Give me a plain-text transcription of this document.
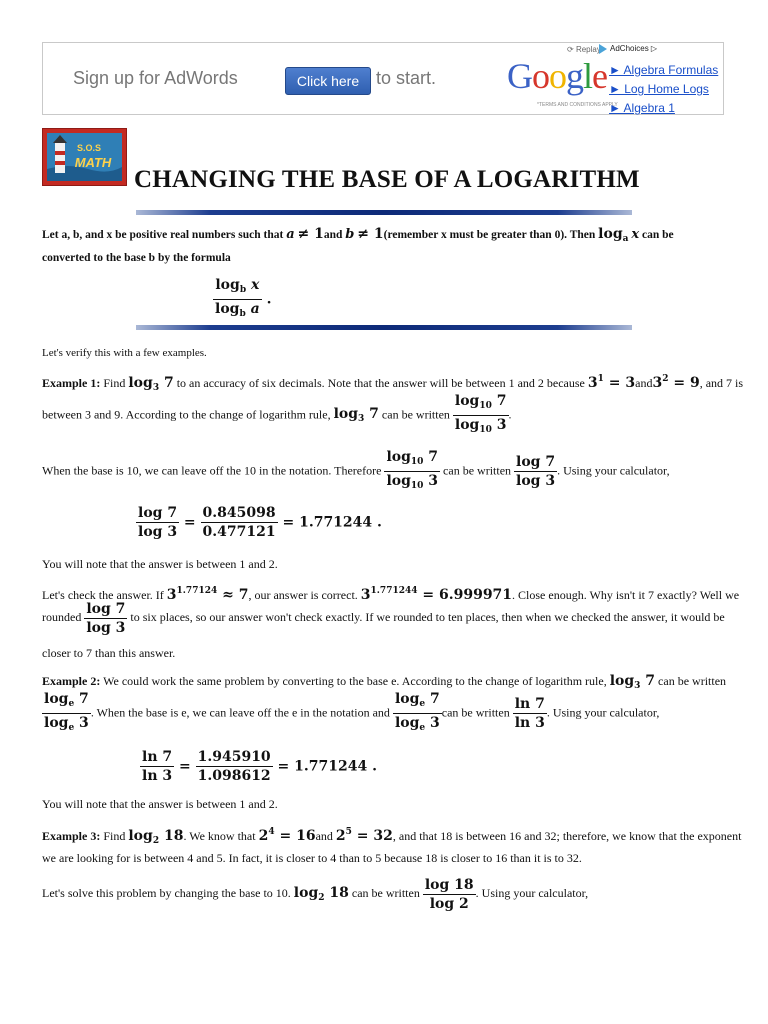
Sign up for AdWords	Click here to start. Google
*TERMS AND CONDITIONS APPLY
⟳ Replay	AdChoices ▷
► Algebra Formulas
► Log Home Logs
► Algebra 1
S.O.S
MATH
CHANGING THE BASE OF A LOGARITHM
Let a, b, and x be positive real numbers such that a ≠ 1and b ≠ 1(remember x must be greater than 0). Then $\log_a x$ can be
converted to the base b by the formula
$\frac{\log_b x}{\log_b a}$ .
Let's verify this with a few examples.
Example 1: Find $\log_3 7$ to an accuracy of six decimals. Note that the answer will be between 1 and 2 because $3^1 = 3and3^2 = 9$, and 7 is
between 3 and 9. According to the change of logarithm rule, $\log_3 7$ can be written $\frac{\log_{10} 7}{\log_{10} 3}$ .
When the base is 10, we can leave off the 10 in the notation. Therefore $\frac{\log_{10} 7}{\log_{10} 3}$ can be written $\frac{\log 7}{\log 3}$ . Using your calculator,
$\frac{\log 7}{\log 3} = \frac{0.845098}{0.477121} = 1.771244$ .
You will note that the answer is between 1 and 2.
Let's check the answer. If $3^{1.77124} \approx 7$, our answer is correct. $3^{1.771244} = 6.999971$. Close enough. Why isn't it 7 exactly? Well we
rounded $\frac{\log 7}{\log 3}$ to six places, so our answer won't check exactly. If we rounded to ten places, then when we checked the answer, it would be
closer to 7 than this answer.
Example 2: We could work the same problem by converting to the base e. According to the change of logarithm rule, $\log_3 7$ can be written
$\frac{\log_e 7}{\log_e 3}$ . When the base is e, we can leave off the e in the notation and $\frac{\log_e 7}{\log_e 3}$ can be written $\frac{\ln 7}{\ln 3}$ . Using your calculator,
$\frac{\ln 7}{\ln 3} = \frac{1.945910}{1.098612} = 1.771244$ .
You will note that the answer is between 1 and 2.
Example 3: Find $\log_2 18$. We know that $2^4 = 16and$ $2^5 = 32$, and that 18 is between 16 and 32; therefore, we know that the exponent
we are looking for is between 4 and 5. In fact, it is closer to 4 than to 5 because 18 is closer to 16 than it is to 32.
Let's solve this problem by changing the base to 10. $\log_2 18$ can be written $\frac{\log 18}{\log 2}$ . Using your calculator,
